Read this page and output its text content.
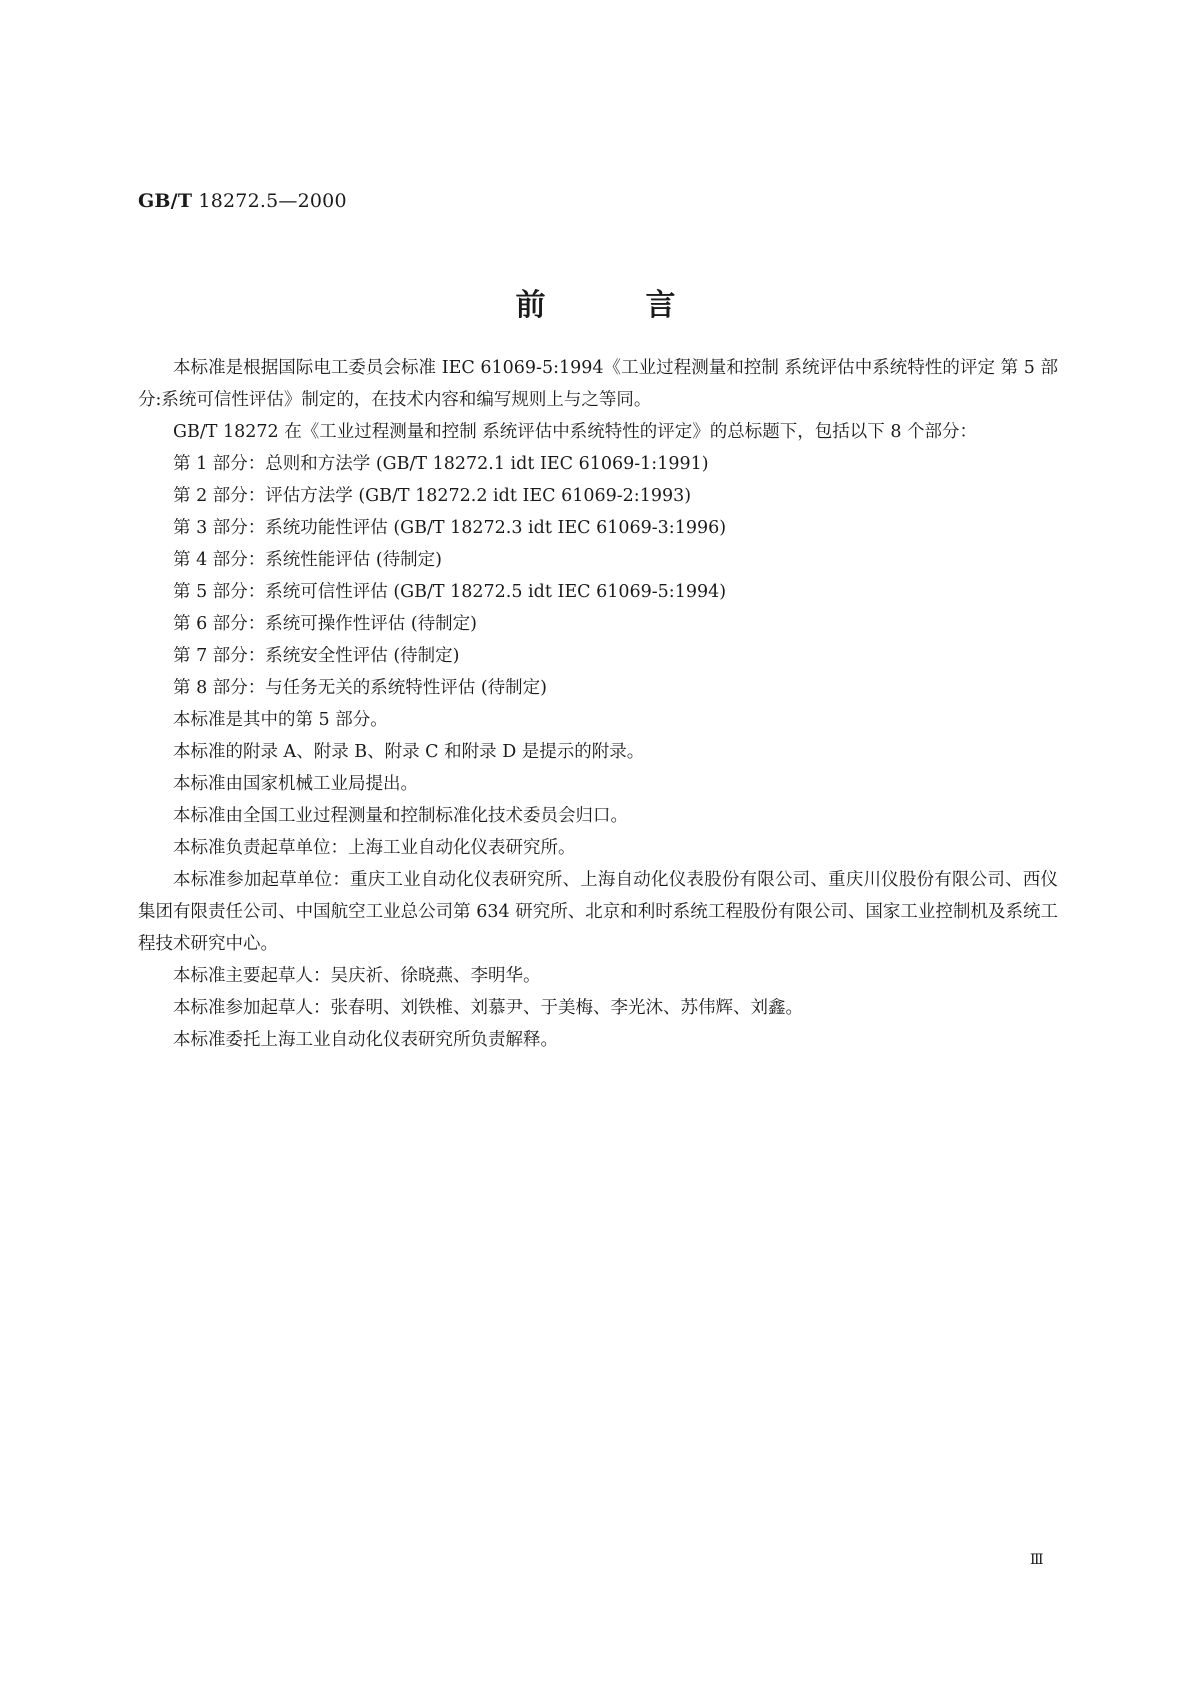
GB/T 18272.5—2000
前	言

本标准是根据国际电工委员会标准 IEC 61069-5:1994《工业过程测量和控制 系统评估中系统特性的评定 第 5 部分:系统可信性评估》制定的，在技术内容和编写规则上与之等同。

GB/T 18272 在《工业过程测量和控制 系统评估中系统特性的评定》的总标题下，包括以下 8 个部分：

第 1 部分：总则和方法学 (GB/T 18272.1 idt IEC 61069-1:1991)

第 2 部分：评估方法学 (GB/T 18272.2 idt IEC 61069-2:1993)

第 3 部分：系统功能性评估 (GB/T 18272.3 idt IEC 61069-3:1996)

第 4 部分：系统性能评估 (待制定)

第 5 部分：系统可信性评估 (GB/T 18272.5 idt IEC 61069-5:1994)

第 6 部分：系统可操作性评估 (待制定)

第 7 部分：系统安全性评估 (待制定)

第 8 部分：与任务无关的系统特性评估 (待制定)

本标准是其中的第 5 部分。

本标准的附录 A、附录 B、附录 C 和附录 D 是提示的附录。

本标准由国家机械工业局提出。

本标准由全国工业过程测量和控制标准化技术委员会归口。

本标准负责起草单位：上海工业自动化仪表研究所。

本标准参加起草单位：重庆工业自动化仪表研究所、上海自动化仪表股份有限公司、重庆川仪股份有限公司、西仪集团有限责任公司、中国航空工业总公司第 634 研究所、北京和利时系统工程股份有限公司、国家工业控制机及系统工程技术研究中心。

本标准主要起草人：吴庆祈、徐晓燕、李明华。

本标准参加起草人：张春明、刘铁椎、刘慕尹、于美梅、李光沐、苏伟辉、刘鑫。

本标准委托上海工业自动化仪表研究所负责解释。

Ⅲ
